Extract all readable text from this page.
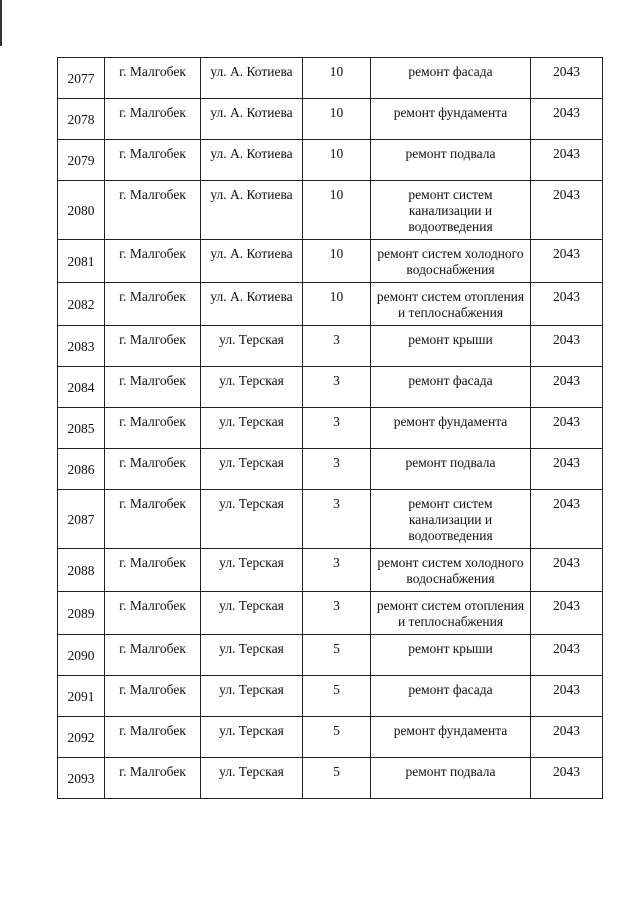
2077	г. Малгобек	ул. А. Котиева	10	ремонт фасада	2043
2078	г. Малгобек	ул. А. Котиева	10	ремонт фундамента	2043
2079	г. Малгобек	ул. А. Котиева	10	ремонт подвала	2043
2080	г. Малгобек	ул. А. Котиева	10	ремонт систем канализации и водоотведения	2043
2081	г. Малгобек	ул. А. Котиева	10	ремонт систем холодного водоснабжения	2043
2082	г. Малгобек	ул. А. Котиева	10	ремонт систем отопления и теплоснабжения	2043
2083	г. Малгобек	ул. Терская	3	ремонт крыши	2043
2084	г. Малгобек	ул. Терская	3	ремонт фасада	2043
2085	г. Малгобек	ул. Терская	3	ремонт фундамента	2043
2086	г. Малгобек	ул. Терская	3	ремонт подвала	2043
2087	г. Малгобек	ул. Терская	3	ремонт систем канализации и водоотведения	2043
2088	г. Малгобек	ул. Терская	3	ремонт систем холодного водоснабжения	2043
2089	г. Малгобек	ул. Терская	3	ремонт систем отопления и теплоснабжения	2043
2090	г. Малгобек	ул. Терская	5	ремонт крыши	2043
2091	г. Малгобек	ул. Терская	5	ремонт фасада	2043
2092	г. Малгобек	ул. Терская	5	ремонт фундамента	2043
2093	г. Малгобек	ул. Терская	5	ремонт подвала	2043
